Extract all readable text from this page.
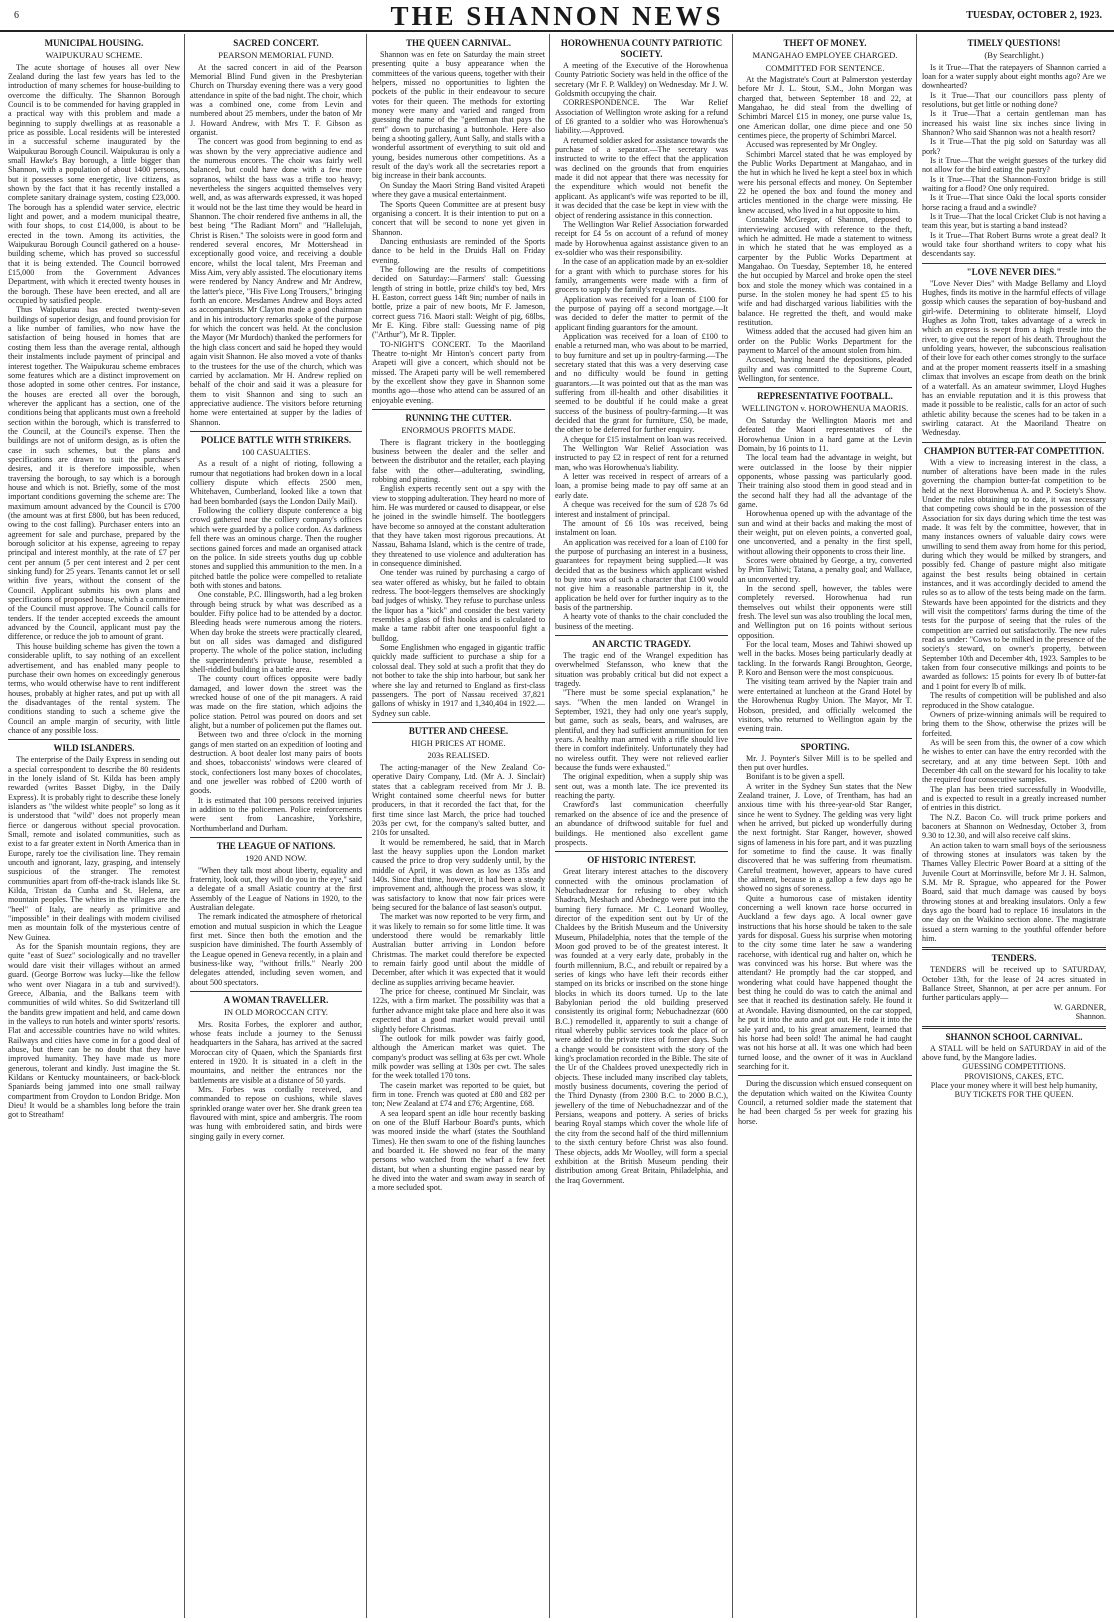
6	THE SHANNON NEWS	TUESDAY, OCTOBER 2, 1923.
MUNICIPAL HOUSING.
WAIPUKURAU SCHEME.

The acute shortage of houses all over New Zealand during the last few years has led to the introduction of many schemes for house-building to overcome the difficulty. The Shannon Borough Council is to be commended for having grappled in a practical way with this problem and made a beginning to supply dwellings at as reasonable a price as possible. Local residents will be interested in a successful scheme inaugurated by the Waipukurau Borough Council. Waipukurau is only a small Hawke's Bay borough, a little bigger than Shannon, with a population of about 1400 persons, but it possesses some energetic, live citizens, as shown by the fact that it has recently installed a complete sanitary drainage system, costing £23,000. The borough has a splendid water service, electric light and power, and a modern municipal theatre, with four shops, to cost £14,000, is about to be erected in the town. Among its activities, the Waipukurau Borough Council gathered on a house-building scheme, which has proved so successful that it is being extended. The Council borrowed £15,000 from the Government Advances Department, with which it erected twenty houses in the borough. These have been erected, and all are occupied by satisfied people.

Thus Waipukurau has erected twenty-seven buildings of superior design, and found provision for a like number of families, who now have the satisfaction of being housed in homes that are costing them less than the average rental, although their instalments include payment of principal and interest together. The Waipukurau scheme embraces some features which are a distinct improvement on those adopted in some other centres. For instance, the houses are erected all over the borough, wherever the applicant has a section, one of the conditions being that applicants must own a freehold section within the borough, which is transferred to the Council, at the Council's expense. Then the buildings are not of uniform design, as is often the case in such schemes, but the plans and specifications are drawn to suit the purchaser's desires, and it is therefore impossible, when traversing the borough, to say which is a borough house and which is not. Briefly, some of the most important conditions governing the scheme are: The maximum amount advanced by the Council is £700 (the amount was at first £800, but has been reduced, owing to the cost falling). Purchaser enters into an agreement for sale and purchase, prepared by the borough solicitor at his expense, agreeing to repay principal and interest monthly, at the rate of £7 per cent per annum (5 per cent interest and 2 per cent sinking fund) for 25 years. Tenants cannot let or sell within five years, without the consent of the Council. Applicant submits his own plans and specifications of proposed house, which a committee of the Council must approve. The Council calls for tenders. If the tender accepted exceeds the amount advanced by the Council, applicant must pay the difference, or reduce the job to amount of grant.

This house building scheme has given the town a considerable uplift, to say nothing of an excellent advertisement, and has enabled many people to purchase their own homes on exceedingly generous terms, who would otherwise have to rent indifferent houses, probably at higher rates, and put up with all the disadvantages of the rental system. The conditions standing to such a scheme give the Council an ample margin of security, with little chance of any possible loss.

WILD ISLANDERS.

The enterprise of the Daily Express in sending out a special correspondent to describe the 80 residents in the lonely island of St. Kilda has been amply rewarded (writes Basset Digby, in the Daily Express). It is probably right to describe these lonely islanders as "the wildest white people" so long as it is understood that "wild" does not properly mean fierce or dangerous without special provocation. Small, remote and isolated communities, such as exist to a far greater extent in North America than in Europe, rarely toe the civilisation line. They remain uncouth and ignorant, lazy, grasping, and intensely suspicious of the stranger. The remotest communities apart from off-the-track islands like St. Kilda, Tristan da Cunha and St. Helena, are mountain peoples. The whites in the villages are the "heel" of Italy, are nearly as primitive and "impossible" in their dealings with modern civilised men as mountain folk of the mysterious centre of New Guinea.

As for the Spanish mountain regions, they are quite "east of Suez" sociologically and no traveller would dare visit their villages without an armed guard. (George Borrow was lucky—like the fellow who went over Niagara in a tub and survived!). Greece, Albania, and the Balkans teem with communities of wild whites. So did Switzerland till the bandits grew impatient and held, and came down in the valleys to run hotels and winter sports' resorts. Flat and accessible countries have no wild whites. Railways and cities have come in for a good deal of abuse, but there can be no doubt that they have improved humanity. They have made us more generous, tolerant and kindly. Just imagine the St. Kildans or Kentucky mountaineers, or back-block Spaniards being jammed into one small railway compartment from Croydon to London Bridge. Mon Dieu! It would be a shambles long before the train got to Streatham!

SACRED CONCERT.
PEARSON MEMORIAL FUND.

At the sacred concert in aid of the Pearson Memorial Blind Fund given in the Presbyterian Church on Thursday evening there was a very good attendance in spite of the bad night. The choir, which was a combined one, come from Levin and numbered about 25 members, under the baton of Mr J. Howard Andrew, with Mrs T. F. Gibson as organist.

The concert was good from beginning to end as was shown by the very appreciative audience and the numerous encores. The choir was fairly well balanced, but could have done with a few more sopranos, whilst the bass was a trifle too heavy; nevertheless the singers acquitted themselves very well, and, as was afterwards expressed, it was hoped it would not be the last time they would be heard in Shannon. The choir rendered five anthems in all, the best being "The Radiant Morn" and "Hallelujah, Christ is Risen." The soloists were in good form and rendered several encores, Mr Mottershead in exceptionally good voice, and receiving a double encore, whilst the local talent, Mrs Freeman and Miss Aim, very ably assisted. The elocutionary items were rendered by Nancy Andrew and Mr Andrew, the latter's piece, "His Five Long Trousers," bringing forth an encore. Mesdames Andrew and Boys acted as accompanists. Mr Clayton made a good chairman and in his introductory remarks spoke of the purpose for which the concert was held. At the conclusion the Mayor (Mr Murdoch) thanked the performers for the high class concert and said he hoped they would again visit Shannon. He also moved a vote of thanks to the trustees for the use of the church, which was carried by acclamation. Mr H. Andrew replied on behalf of the choir and said it was a pleasure for them to visit Shannon and sing to such an appreciative audience. The visitors before returning home were entertained at supper by the ladies of Shannon.

POLICE BATTLE WITH STRIKERS.
100 CASUALTIES.

As a result of a night of rioting, following a rumour that negotiations had broken down in a local colliery dispute which effects 2500 men, Whitehaven, Cumberland, looked like a town that had been bombarded (says the London Daily Mail).

Following the colliery dispute conference a big crowd gathered near the colliery company's offices which were guarded by a police cordon. As darkness fell there was an ominous charge. Then the rougher sections gained forces and made an organised attack on the police. In side streets youths dug up cobble stones and supplied this ammunition to the men. In a pitched battle the police were compelled to retaliate both with stones and batons.

One constable, P.C. Illingsworth, had a leg broken through being struck by what was described as a boulder. Fifty police had to be attended by a doctor. Bleeding heads were numerous among the rioters. When day broke the streets were practically cleared, but on all sides was damaged and disfigured property. The whole of the police station, including the superintendent's private house, resembled a shell-riddled building in a battle area.

The county court offices opposite were badly damaged, and lower down the street was the wrecked house of one of the pit managers. A raid was made on the fire station, which adjoins the police station. Petrol was poured on doors and set alight, but a number of policemen put the flames out.

Between two and three o'clock in the morning gangs of men started on an expedition of looting and destruction. A boot dealer lost many pairs of boots and shoes, tobacconists' windows were cleared of stock, confectioners lost many boxes of chocolates, and one jeweller was robbed of £200 worth of goods.

It is estimated that 100 persons received injuries in addition to the policemen. Police reinforcements were sent from Lancashire, Yorkshire, Northumberland and Durham.

THE LEAGUE OF NATIONS.
1920 AND NOW.

"When they talk most about liberty, equality and fraternity, look out, they will do you in the eye," said a delegate of a small Asiatic country at the first Assembly of the League of Nations in 1920, to the Australian delegate.

The remark indicated the atmosphere of rhetorical emotion and mutual suspicion in which the League first met. Since then both the emotion and the suspicion have diminished. The fourth Assembly of the League opened in Geneva recently, in a plain and business-like way, "without frills." Nearly 200 delegates attended, including seven women, and about 500 spectators.

A WOMAN TRAVELLER.
IN OLD MOROCCAN CITY.

Mrs. Rosita Forbes, the explorer and author, whose feats include a journey to the Senussi headquarters in the Sahara, has arrived at the sacred Moroccan city of Quaen, which the Spaniards first entered in 1920. It is situated in a cleft in the mountains, and neither the entrances nor the battlements are visible at a distance of 50 yards.

Mrs. Forbes was cordially received, and commanded to repose on cushions, while slaves sprinkled orange water over her. She drank green tea flavoured with mint, spice and ambergris. The room was hung with embroidered satin, and birds were singing gaily in every corner.

THE QUEEN CARNIVAL.

Shannon was en fete on Saturday the main street presenting quite a busy appearance when the committees of the various queens, together with their helpers, missed no opportunities to lighten the pockets of the public in their endeavour to secure votes for their queen. The methods for extorting money were many and varied and ranged from guessing the name of the "gentleman that pays the rent" down to purchasing a buttonhole. Here also being a shooting gallery, Aunt Sally, and stalls with a wonderful assortment of everything to suit old and young, besides numerous other competitions. As a result of the day's work all the secretaries report a big increase in their bank accounts.

On Sunday the Maori String Band visited Arapeti where they gave a musical entertainment.

The Sports Queen Committee are at present busy organising a concert. It is their intention to put on a concert that will be second to none yet given in Shannon.

Dancing enthusiasts are reminded of the Sports dance to be held in the Druids Hall on Friday evening.

The following are the results of competitions decided on Saturday:—Farmers' stall: Guessing length of string in bottle, prize child's toy bed, Mrs H. Easton, correct guess 14ft 9in; number of nails in bottle, prize a pair of new boots, Mr F. Jameson, correct guess 716. Maori stall: Weight of pig, 68lbs, Mr E. King. Fibre stall: Guessing name of pig ("Arthur"), Mr R. Tippler.

TO-NIGHT'S CONCERT. To the Maoriland Theatre to-night Mr Hinton's concert party from Arapeti will give a concert, which should not be missed. The Arapeti party will be well remembered by the excellent show they gave in Shannon some months ago—those who attend can be assured of an enjoyable evening.

RUNNING THE CUTTER.
ENORMOUS PROFITS MADE.

There is flagrant trickery in the bootlegging business between the dealer and the seller and between the distributor and the retailer, each playing false with the other—adulterating, swindling, robbing and pirating.

English experts recently sent out a spy with the view to stopping adulteration. They heard no more of him. He was murdered or caused to disappear, or else he joined in the swindle himself. The bootleggers have become so annoyed at the constant adulteration that they have taken most rigorous precautions. At Nassau, Bahama Island, which is the centre of trade, they threatened to use violence and adulteration has in consequence diminished.

One tender was ruined by purchasing a cargo of sea water offered as whisky, but he failed to obtain redress. The boot-leggers themselves are shockingly bad judges of whisky. They refuse to purchase unless the liquor has a "kick" and consider the best variety resembles a glass of fish hooks and is calculated to make a tame rabbit after one teaspoonful fight a bulldog.

Some Englishmen who engaged in gigantic traffic quickly made sufficient to purchase a ship for a colossal deal. They sold at such a profit that they do not bother to take the ship into harbour, but sank her where she lay and returned to England as first-class passengers. The port of Nassau received 37,821 gallons of whisky in 1917 and 1,340,404 in 1922.—Sydney sun cable.

BUTTER AND CHEESE.
HIGH PRICES AT HOME.
203s REALISED.

The acting-manager of the New Zealand Co-operative Dairy Company, Ltd. (Mr A. J. Sinclair) states that a cablegram received from Mr J. B. Wright contained some cheerful news for butter producers, in that it recorded the fact that, for the first time since last March, the price had touched 203s per cwt, for the company's salted butter, and 210s for unsalted.

It would be remembered, he said, that in March last the heavy supplies upon the London market caused the price to drop very suddenly until, by the middle of April, it was down as low as 135s and 140s. Since that time, however, it had been a steady improvement and, although the process was slow, it was satisfactory to know that now fair prices were being secured for the balance of last season's output.

The market was now reported to be very firm, and it was likely to remain so for some little time. It was understood there would be remarkably little Australian butter arriving in London before Christmas. The market could therefore be expected to remain fairly good until about the middle of December, after which it was expected that it would decline as supplies arriving became heavier.

The price for cheese, continued Mr Sinclair, was 122s, with a firm market. The possibility was that a further advance might take place and here also it was expected that a good market would prevail until slightly before Christmas.

The outlook for milk powder was fairly good, although the American market was quiet. The company's product was selling at 63s per cwt. Whole milk powder was selling at 130s per cwt. The sales for the week totalled 170 tons.

The casein market was reported to be quiet, but firm in tone. French was quoted at £80 and £82 per ton; New Zealand at £74 and £76; Argentine, £68.

A sea leopard spent an idle hour recently basking on one of the Bluff Harbour Board's punts, which was moored inside the wharf (states the Southland Times). He then swam to one of the fishing launches and boarded it. He showed no fear of the many persons who watched from the wharf a few feet distant, but when a shunting engine passed near by he dived into the water and swam away in search of a more secluded spot.

HOROWHENUA COUNTY PATRIOTIC SOCIETY.

A meeting of the Executive of the Horowhenua County Patriotic Society was held in the office of the secretary (Mr F. P. Walkley) on Wednesday. Mr J. W. Goldsmith occupying the chair.

CORRESPONDENCE. The War Relief Association of Wellington wrote asking for a refund of £6 granted to a soldier who was Horowhenua's liability.—Approved.

A returned soldier asked for assistance towards the purchase of a separator.—The secretary was instructed to write to the effect that the application was declined on the grounds that from enquiries made it did not appear that there was necessity for the expenditure which would not benefit the applicant. As applicant's wife was reported to be ill, it was decided that the case be kept in view with the object of rendering assistance in this connection.

The Wellington War Relief Association forwarded receipt for £4 5s on account of a refund of money made by Horowhenua against assistance given to an ex-soldier who was their responsibility.

In the case of an application made by an ex-soldier for a grant with which to purchase stores for his family, arrangements were made with a firm of grocers to supply the family's requirements.

Application was received for a loan of £100 for the purpose of paying off a second mortgage.—It was decided to defer the matter to permit of the applicant finding guarantors for the amount.

Application was received for a loan of £100 to enable a returned man, who was about to be married, to buy furniture and set up in poultry-farming.—The secretary stated that this was a very deserving case and no difficulty would be found in getting guarantors.—It was pointed out that as the man was suffering from ill-health and other disabilities it seemed to be doubtful if he could make a great success of the business of poultry-farming.—It was decided that the grant for furniture, £50, be made, the other to be deferred for further enquiry.

A cheque for £15 instalment on loan was received.

The Wellington War Relief Association was instructed to pay £2 in respect of rent for a returned man, who was Horowhenua's liability.

A letter was received in respect of arrears of a loan, a promise being made to pay off same at an early date.

A cheque was received for the sum of £28 7s 6d interest and instalment of principal.

The amount of £6 10s was received, being instalment on loan.

An application was received for a loan of £100 for the purpose of purchasing an interest in a business, guarantees for repayment being supplied.—It was decided that as the business which applicant wished to buy into was of such a character that £100 would not give him a reasonable partnership in it, the application be held over for further inquiry as to the basis of the partnership.

A hearty vote of thanks to the chair concluded the business of the meeting.

AN ARCTIC TRAGEDY.

The tragic end of the Wrangel expedition has overwhelmed Stefansson, who knew that the situation was probably critical but did not expect a tragedy.

"There must be some special explanation," he says. "When the men landed on Wrangel in September, 1921, they had only one year's supply, but game, such as seals, bears, and walruses, are plentiful, and they had sufficient ammunition for ten years. A healthy man armed with a rifle should live there in comfort indefinitely. Unfortunately they had no wireless outfit. They were not relieved earlier because the funds were exhausted."

The original expedition, when a supply ship was sent out, was a month late. The ice prevented its reaching the party.

Crawford's last communication cheerfully remarked on the absence of ice and the presence of an abundance of driftwood suitable for fuel and buildings. He mentioned also excellent game prospects.

OF HISTORIC INTEREST.

Great literary interest attaches to the discovery connected with the ominous proclamation of Nebuchadnezzar for refusing to obey which Shadrach, Meshach and Abednego were put into the burning fiery furnace. Mr C. Leonard Woolley, director of the expedition sent out by Ur of the Chaldees by the British Museum and the University Museum, Philadelphia, notes that the temple of the Moon god proved to be of the greatest interest. It was founded at a very early date, probably in the fourth millennium, B.C., and rebuilt or repaired by a series of kings who have left their records either stamped on its bricks or inscribed on the stone hinge blocks in which its doors turned. Up to the late Babylonian period the old building preserved consistently its original form; Nebuchadnezzar (600 B.C.) remodelled it, apparently to suit a change of ritual whereby public services took the place of or were added to the private rites of former days. Such a change would be consistent with the story of the king's proclamation recorded in the Bible. The site of the Ur of the Chaldees proved unexpectedly rich in objects. These included many inscribed clay tablets, mostly business documents, covering the period of the Third Dynasty (from 2300 B.C. to 2000 B.C.), jewellery of the time of Nebuchadnezzar and of the Persians, weapons and pottery. A series of bricks bearing Royal stamps which cover the whole life of the city from the second half of the third millennium to the sixth century before Christ was also found. These objects, adds Mr Woolley, will form a special exhibition at the British Museum pending their distribution among Great Britain, Philadelphia, and the Iraq Government.

THEFT OF MONEY.
MANGAHAO EMPLOYEE CHARGED.
COMMITTED FOR SENTENCE.

At the Magistrate's Court at Palmerston yesterday before Mr J. L. Stout, S.M., John Morgan was charged that, between September 18 and 22, at Mangahao, he did steal from the dwelling of Schimbri Marcel £15 in money, one purse value 1s, one American dollar, one dime piece and one 50 centimes piece, the property of Schimbri Marcel.

Accused was represented by Mr Ongley.

Schimbri Marcel stated that he was employed by the Public Works Department at Mangahao, and in the hut in which he lived he kept a steel box in which were his personal effects and money. On September 22 he opened the box and found the money and articles mentioned in the charge were missing. He knew accused, who lived in a hut opposite to him.

Constable McGregor, of Shannon, deposed to interviewing accused with reference to the theft, which he admitted. He made a statement to witness in which he stated that he was employed as a carpenter by the Public Works Department at Mangahao. On Tuesday, September 18, he entered the hut occupied by Marcel and broke open the steel box and stole the money which was contained in a purse. In the stolen money he had spent £5 to his wife and had discharged various liabilities with the balance. He regretted the theft, and would make restitution.

Witness added that the accused had given him an order on the Public Works Department for the payment to Marcel of the amount stolen from him.

Accused, having heard the depositions, pleaded guilty and was committed to the Supreme Court, Wellington, for sentence.

REPRESENTATIVE FOOTBALL.
WELLINGTON v. HOROWHENUA MAORIS.

On Saturday the Wellington Maoris met and defeated the Maori representatives of the Horowhenua Union in a hard game at the Levin Domain, by 16 points to 11.

The local team had the advantage in weight, but were outclassed in the loose by their nippier opponents, whose passing was particularly good. Their training also stood them in good stead and in the second half they had all the advantage of the game.

Horowhenua opened up with the advantage of the sun and wind at their backs and making the most of their weight, put on eleven points, a converted goal, one unconverted, and a penalty in the first spell, without allowing their opponents to cross their line.

Scores were obtained by George, a try, converted by Prim Tahiwi; Tatana, a penalty goal; and Wallace, an unconverted try.

In the second spell, however, the tables were completely reversed. Horowhenua had run themselves out whilst their opponents were still fresh. The level sun was also troubling the local men, and Wellington put on 16 points without serious opposition.

For the local team, Moses and Tahiwi showed up well in the backs. Moses being particularly deadly at tackling. In the forwards Rangi Broughton, George, P. Koro and Benson were the most conspicuous.

The visiting team arrived by the Napier train and were entertained at luncheon at the Grand Hotel by the Horowhenua Rugby Union. The Mayor, Mr T. Hobson, presided, and officially welcomed the visitors, who returned to Wellington again by the evening train.

SPORTING.

Mr. J. Poynter's Silver Mill is to be spelled and then put over hurdles.

Bonifant is to be given a spell.

A writer in the Sydney Sun states that the New Zealand trainer, J. Love, of Trentham, has had an anxious time with his three-year-old Star Ranger, since he went to Sydney. The gelding was very light when he arrived, but picked up wonderfully during the next fortnight. Star Ranger, however, showed signs of lameness in his fore part, and it was puzzling for sometime to find the cause. It was finally discovered that he was suffering from rheumatism. Careful treatment, however, appears to have cured the ailment, because in a gallop a few days ago he showed no signs of soreness.

Quite a humorous case of mistaken identity concerning a well known race horse occurred in Auckland a few days ago. A local owner gave instructions that his horse should be taken to the sale yards for disposal. Guess his surprise when motoring to the city some time later he saw a wandering racehorse, with identical rug and halter on, which he was convinced was his horse. But where was the attendant? He promptly had the car stopped, and wondering what could have happened thought the best thing he could do was to catch the animal and see that it reached its destination safely. He found it at Avondale. Having dismounted, on the car stopped, he put it into the auto and got out. He rode it into the sale yard and, to his great amazement, learned that his horse had been sold! The animal he had caught was not his horse at all. It was one which had been turned loose, and the owner of it was in Auckland searching for it.

During the discussion which ensued consequent on the deputation which waited on the Kiwitea County Council, a returned soldier made the statement that he had been charged 5s per week for grazing his horse.

TIMELY QUESTIONS!
(By Searchlight.)

Is it True—That the ratepayers of Shannon carried a loan for a water supply about eight months ago? Are we downhearted?

Is it True—That our councillors pass plenty of resolutions, but get little or nothing done?

Is it True—That a certain gentleman man has increased his waist line six inches since living in Shannon? Who said Shannon was not a health resort?

Is it True—That the pig sold on Saturday was all pork?

Is it True—That the weight guesses of the turkey did not allow for the bird eating the pastry?

Is it True—That the Shannon-Foxton bridge is still waiting for a flood? One only required.

Is it True—That since Oaki the local sports consider horse racing a fraud and a swindle?

Is it True—That the local Cricket Club is not having a team this year, but is starting a band instead?

Is it True—That Robert Burns wrote a great deal? It would take four shorthand writers to copy what his descendants say.

"LOVE NEVER DIES."

"Love Never Dies" with Madge Bellamy and Lloyd Hughes, finds its motive in the harmful effects of village gossip which causes the separation of boy-husband and girl-wife. Determining to obliterate himself, Lloyd Hughes as John Trott, takes advantage of a wreck in which an express is swept from a high trestle into the river, to give out the report of his death. Throughout the unfolding years, however, the subconscious realisation of their love for each other comes strongly to the surface and at the proper moment reasserts itself in a smashing climax that involves an escape from death on the brink of a waterfall. As an amateur swimmer, Lloyd Hughes has an enviable reputation and it is this prowess that made it possible to be realistic, calls for an actor of such athletic ability because the scenes had to be taken in a swirling cataract. At the Maoriland Theatre on Wednesday.

CHAMPION BUTTER-FAT COMPETITION.

With a view to increasing interest in the class, a number of alterations have been made in the rules governing the champion butter-fat competition to be held at the next Horowhenua A. and P. Society's Show. Under the rules obtaining up to date, it was necessary that competing cows should be in the possession of the Association for six days during which time the test was made. It was felt by the committee, however, that in many instances owners of valuable dairy cows were unwilling to send them away from home for this period, during which they would be milked by strangers, and possibly fed. Change of pasture might also mitigate against the best results being obtained in certain instances, and it was accordingly decided to amend the rules so as to allow of the tests being made on the farm. Stewards have been appointed for the districts and they will visit the competitors' farms during the time of the tests for the purpose of seeing that the rules of the competition are carried out satisfactorily. The new rules read as under: "Cows to be milked in the presence of the society's steward, on owner's property, between September 10th and December 4th, 1923. Samples to be taken from four consecutive milkings and points to be awarded as follows: 15 points for every lb of butter-fat and 1 point for every lb of milk.

The results of competition will be published and also reproduced in the Show catalogue.

Owners of prize-winning animals will be required to bring them to the Show, otherwise the prizes will be forfeited.

As will be seen from this, the owner of a cow which he wishes to enter can have the entry recorded with the secretary, and at any time between Sept. 10th and December 4th call on the steward for his locality to take the required four consecutive samples.

The plan has been tried successfully in Woodville, and is expected to result in a greatly increased number of entries in this district.

The N.Z. Bacon Co. will truck prime porkers and baconers at Shannon on Wednesday, October 3, from 9.30 to 12.30, and will also receive calf skins.

An action taken to warn small boys of the seriousness of throwing stones at insulators was taken by the Thames Valley Electric Power Board at a sitting of the Juvenile Court at Morrinsville, before Mr J. H. Salmon, S.M. Mr R. Sprague, who appeared for the Power Board, said that much damage was caused by boys throwing stones at and breaking insulators. Only a few days ago the board had to replace 16 insulators in the one day on the Waikino section alone. The magistrate issued a stern warning to the youthful offender before him.

TENDERS.

TENDERS will be received up to SATURDAY, October 13th, for the lease of 24 acres situated in Ballance Street, Shannon, at per acre per annum. For further particulars apply—

W. GARDNER,

Shannon.

SHANNON SCHOOL CARNIVAL.

A STALL will be held on SATURDAY in aid of the above fund, by the Mangore ladies.

GUESSING COMPETITIONS.

PROVISIONS, CAKES, ETC.

Place your money where it will best help humanity,

BUY TICKETS FOR THE QUEEN.
